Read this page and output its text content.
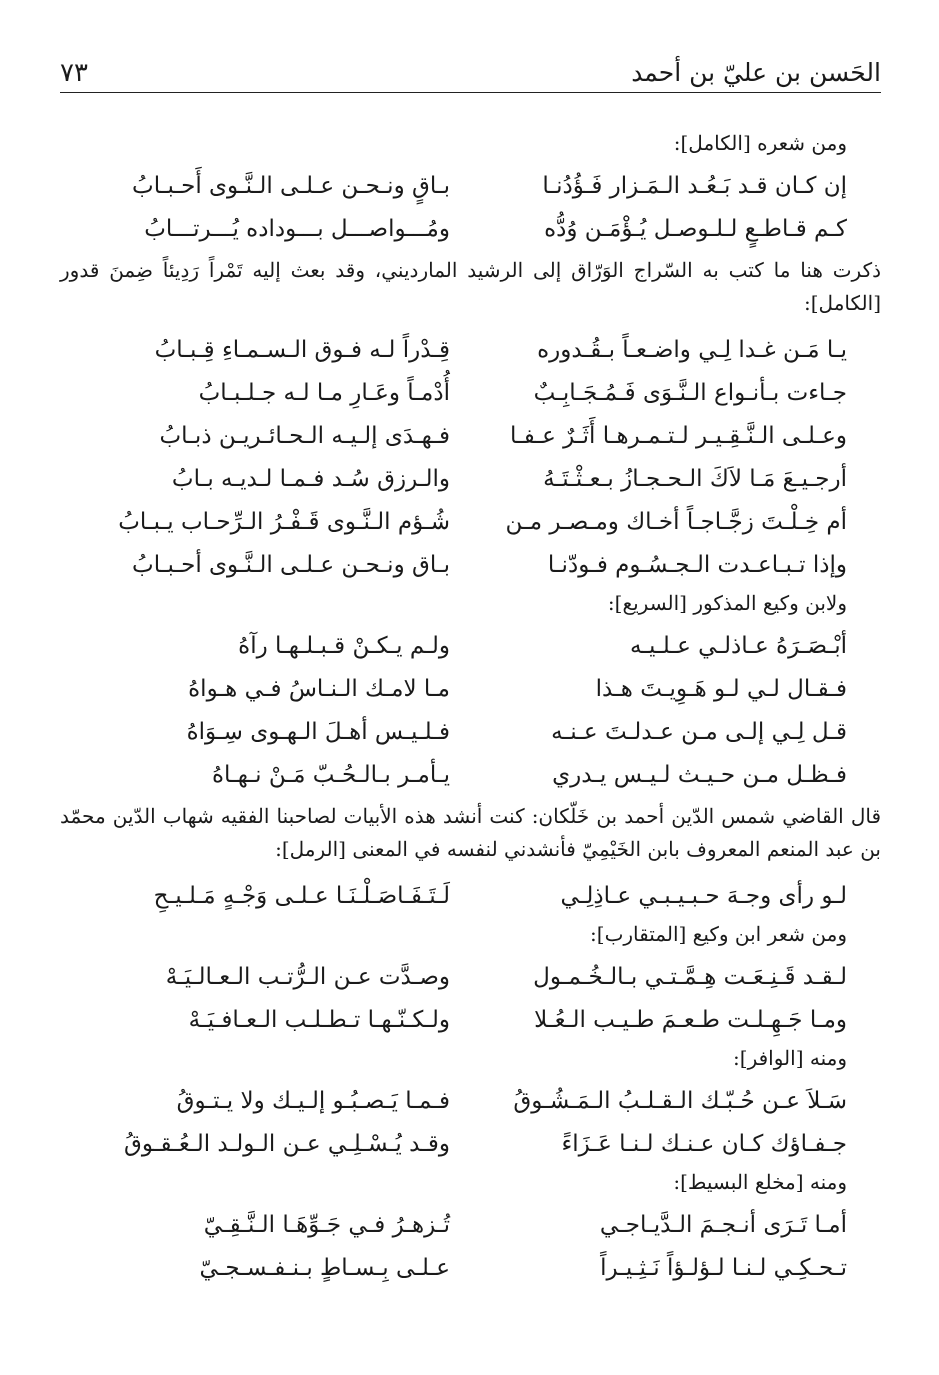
الحَسن بن عليّ بن أحمد
٧٣
ومن شعره [الكامل]:
إن كـان قـد بَـعُـد الـمَـزار فَـؤُدُنـا
بـاقٍ ونـحـن عـلـى الـنَّـوى أَحـبـابُ
كـم قـاطـعٍ لـلـوصـل يُـؤْمَـن وُدُّه
ومُـــواصـــل بـــوداده يُـــرتـــابُ
ذكرت هنا ما كتب به السّراج الوَرّاق إلى الرشيد المارديني، وقد بعث إليه تَمْراً رَدِيئاً ضِمنَ قدور [الكامل]:
يـا مَـن غـدا لِـي واضـعـاً بـقُـدوره
قِـدْراً لـه فـوق الـسـمـاءِ قِـبـابُ
جـاءت بـأنـواع الـنَّـوَى فَـمُـجَـابِـبٌ
أُدْمـاً وعَـارِ مـا لـه جـلـبـابُ
وعـلـى الـنَّـقِـيـر لـتـمـرهـا أَثَـرٌ عـفـا
فـهـدَى إلـيـه الـحـائـريـن ذبـابُ
أرجـيـعَ مَـا لاَكَ الـحـجـازُ بـعـثْـتَـهُ
والـرزق سُـد فـمـا لـديـه بـابُ
أم خِـلْـتَ زجَّـاجـاً أخـاك ومـصـر مـن
شُـؤم الـنَّـوى قَـفْـرُ الـرِّحـاب يـبـابُ
وإذا تـبـاعـدت الـجـسُـوم فـودّنـا
بـاق ونـحـن عـلـى الـنَّـوى أحـبـابُ
ولابن وكيع المذكور [السريع]:
أبْـصَـرَهُ عـاذلـي عـلـيـه
ولـم يـكـنْ قـبـلـهـا رآهُ
فـقـال لـي لـو هَـوِيـتَ هـذا
مـا لامـك الـنـاسُ فـي هـواهُ
قـل لِـي إلـى مـن عـدلـتَ عـنـه
فـلـيـس أهـلَ الـهـوى سِـوَاهُ
فـظـل مـن حـيـث لـيـس يـدري
يـأمـر بـالـحُـبّ مَـنْ نـهـاهُ
قال القاضي شمس الدّين أحمد بن خَلّكان: كنت أنشد هذه الأبيات لصاحبنا الفقيه شهاب الدّين محمّد بن عبد المنعم المعروف بابن الخَيْمِيّ فأنشدني لنفسه في المعنى [الرمل]:
لـو رأى وجـهَ حـبـيـبـي عـاذِلِـي
لَـتَـفَـاصَـلْـنَـا عـلـى وَجْـهٍ مَـلـيـحِ
ومن شعر ابن وكيع [المتقارب]:
لـقـد قَـنِـعَـت هِـمَّـتـي بـالـخُـمـول
وصـدَّت عـن الـرُّتـب الـعـالـيَـهْ
ومـا جَـهِـلـت طـعـمَ طـيـب الـعُـلا
ولـكـنّـهـا تـطـلـب الـعـافـيَـهْ
ومنه [الوافر]:
سَـلاَ عـن حُـبّـك الـقـلـبُ الـمَـشُـوقُ
فـمـا يَـصـبُـو إلـيـك ولا يـتـوقُ
جـفـاؤك كـان عـنـك لـنـا عَـزَاءً
وقـد يُـسْـلِـي عـن الـولـد الـعُـقـوقُ
ومنه [مخلع البسيط]:
أمـا تَـرَى أنـجـمَ الـدَّيـاجـي
تُـزهـرُ فـي جَـوِّهَـا الـنَّـقِـيّ
تـحـكِـي لـنـا لـؤلـؤاً نَـثِـيـراً
عـلـى بِـسـاطٍ بـنـفـسـجـيّ
